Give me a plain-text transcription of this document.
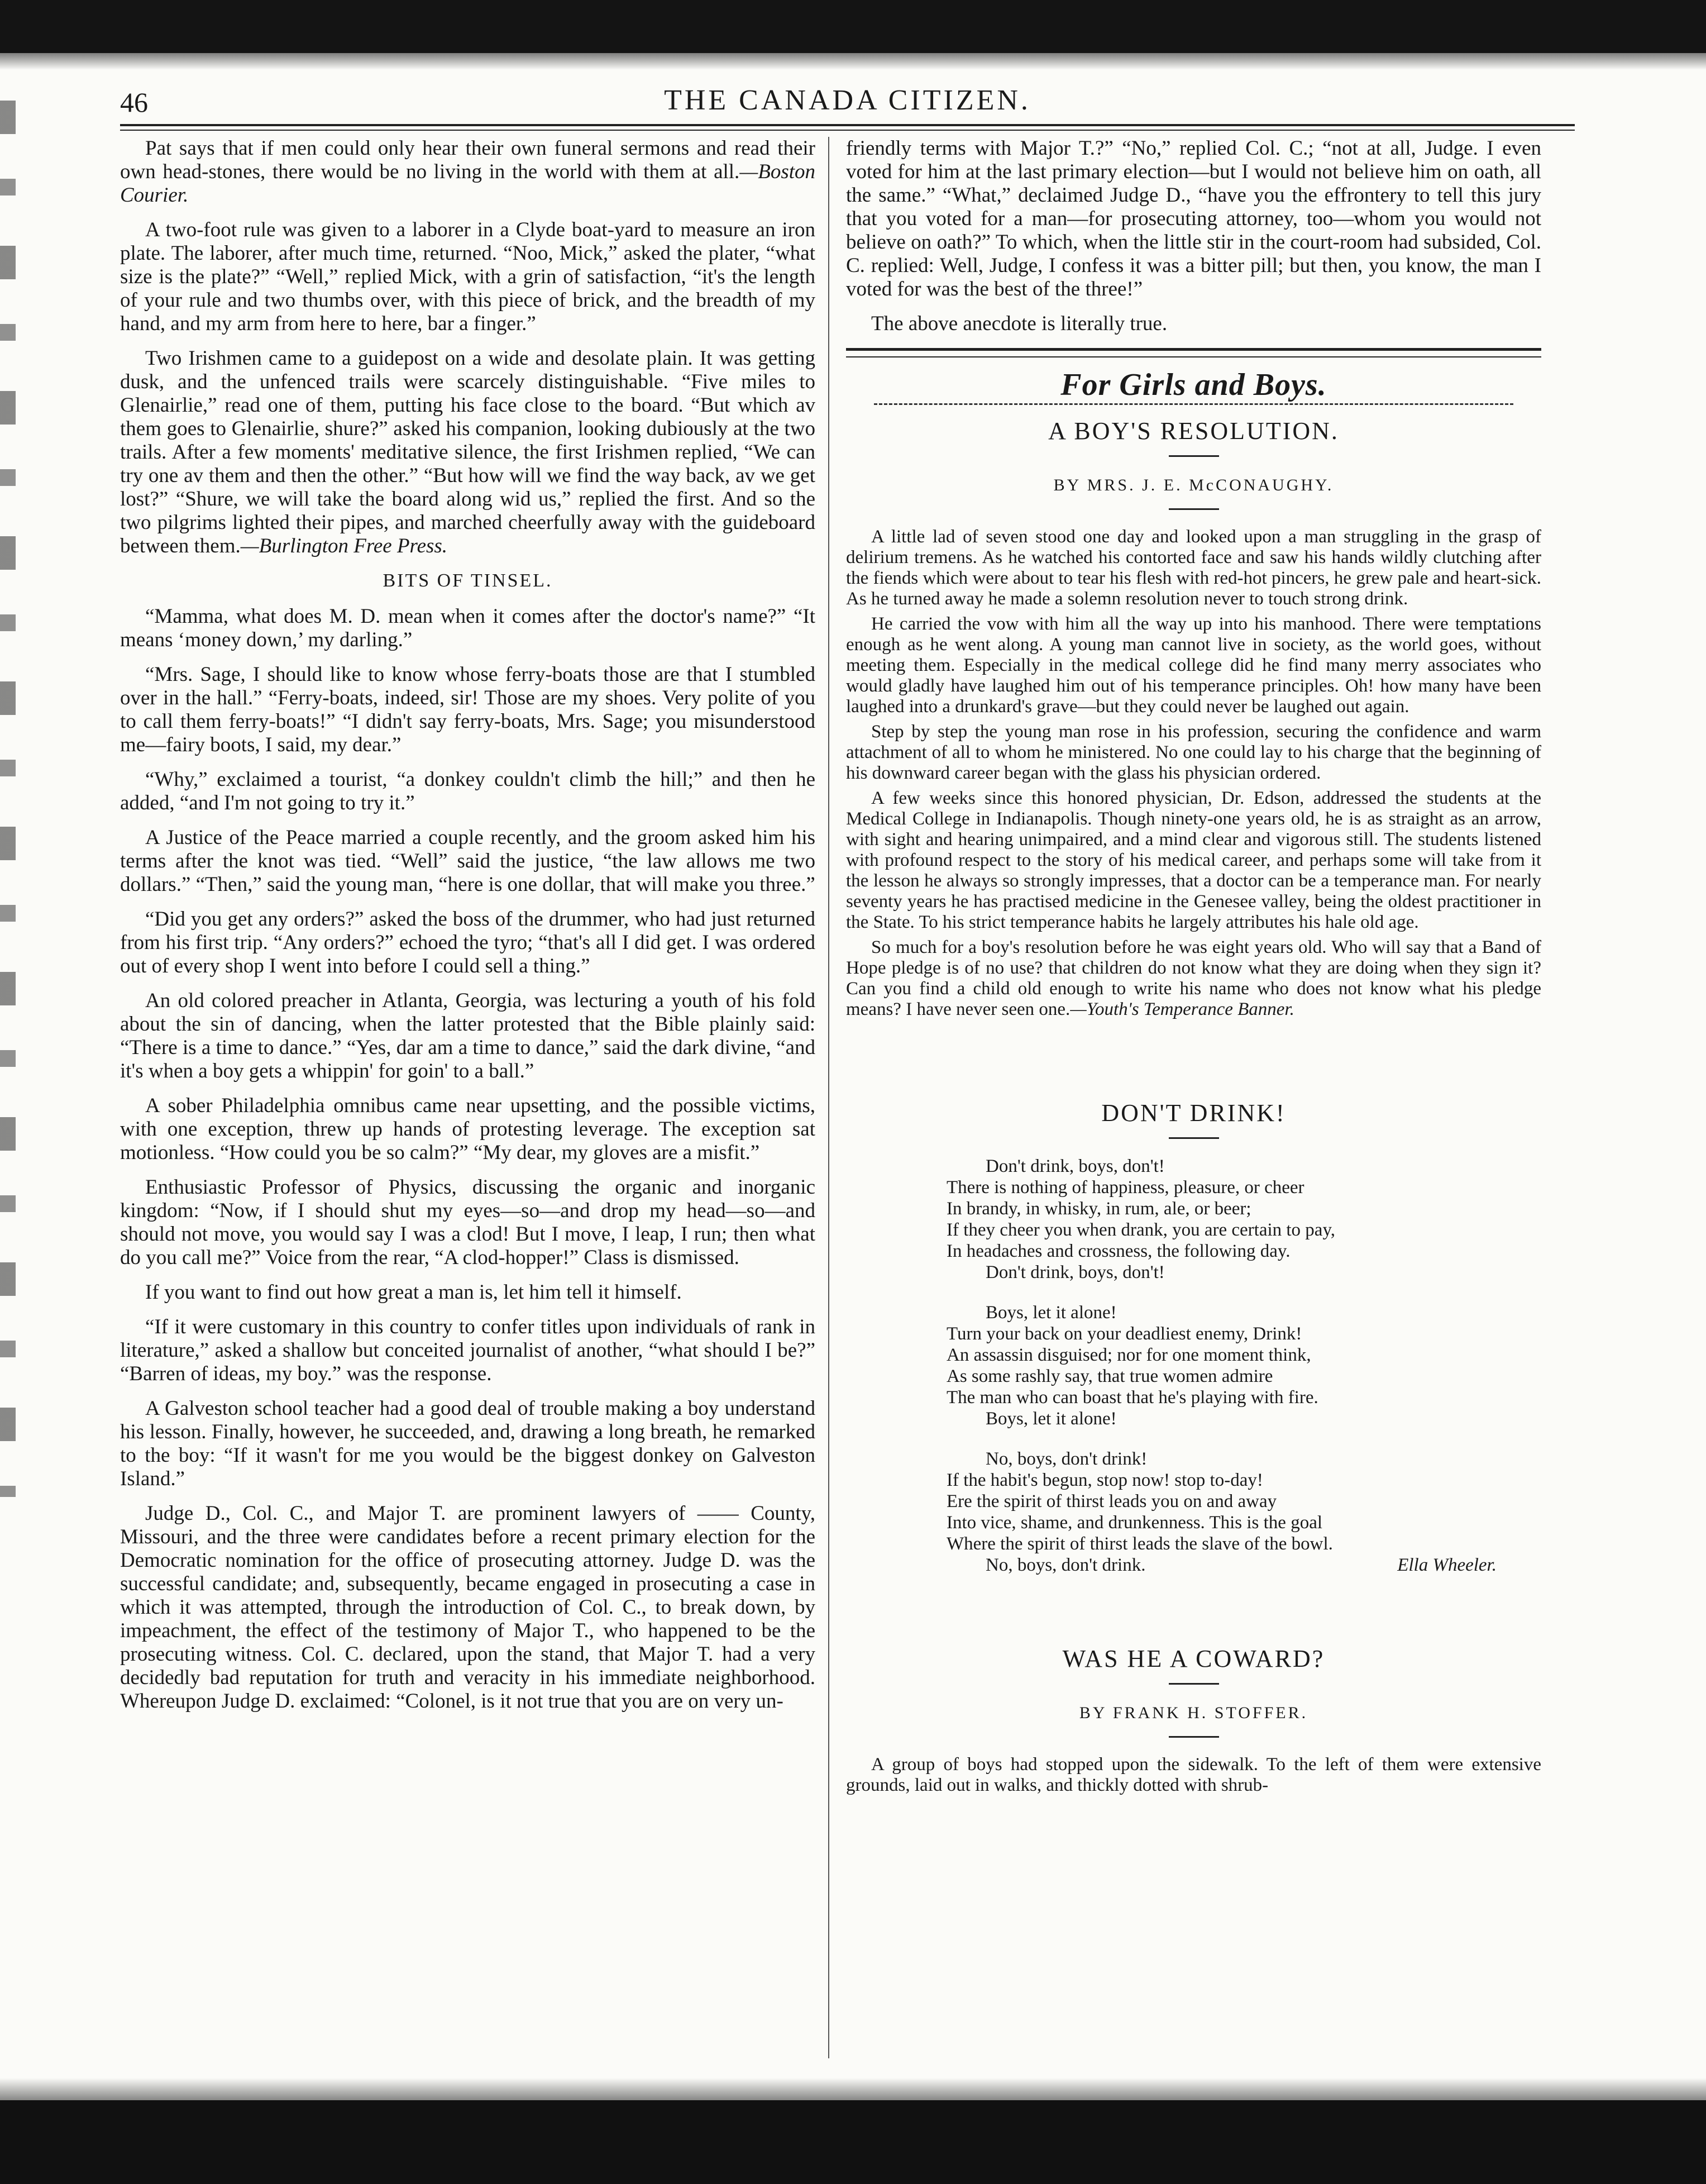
46	THE CANADA CITIZEN.

Pat says that if men could only hear their own funeral sermons and read their own head-stones, there would be no living in the world with them at all.—Boston Courier.

A two-foot rule was given to a laborer in a Clyde boat-yard to measure an iron plate. The laborer, after much time, returned. “Noo, Mick,” asked the plater, “what size is the plate?” “Well,” replied Mick, with a grin of satisfaction, “it's the length of your rule and two thumbs over, with this piece of brick, and the breadth of my hand, and my arm from here to here, bar a finger.”

Two Irishmen came to a guidepost on a wide and desolate plain. It was getting dusk, and the unfenced trails were scarcely distinguishable. “Five miles to Glenairlie,” read one of them, putting his face close to the board. “But which av them goes to Glenairlie, shure?” asked his companion, looking dubiously at the two trails. After a few moments' meditative silence, the first Irishmen replied, “We can try one av them and then the other.” “But how will we find the way back, av we get lost?” “Shure, we will take the board along wid us,” replied the first. And so the two pilgrims lighted their pipes, and marched cheerfully away with the guideboard between them.—Burlington Free Press.

BITS OF TINSEL.

“Mamma, what does M. D. mean when it comes after the doctor's name?” “It means ‘money down,’ my darling.”

“Mrs. Sage, I should like to know whose ferry-boats those are that I stumbled over in the hall.” “Ferry-boats, indeed, sir! Those are my shoes. Very polite of you to call them ferry-boats!” “I didn't say ferry-boats, Mrs. Sage; you misunderstood me—fairy boots, I said, my dear.”

“Why,” exclaimed a tourist, “a donkey couldn't climb the hill;” and then he added, “and I'm not going to try it.”

A Justice of the Peace married a couple recently, and the groom asked him his terms after the knot was tied. “Well” said the justice, “the law allows me two dollars.” “Then,” said the young man, “here is one dollar, that will make you three.”

“Did you get any orders?” asked the boss of the drummer, who had just returned from his first trip. “Any orders?” echoed the tyro; “that's all I did get. I was ordered out of every shop I went into before I could sell a thing.”

An old colored preacher in Atlanta, Georgia, was lecturing a youth of his fold about the sin of dancing, when the latter protested that the Bible plainly said: “There is a time to dance.” “Yes, dar am a time to dance,” said the dark divine, “and it's when a boy gets a whippin' for goin' to a ball.”

A sober Philadelphia omnibus came near upsetting, and the possible victims, with one exception, threw up hands of protesting leverage. The exception sat motionless. “How could you be so calm?” “My dear, my gloves are a misfit.”

Enthusiastic Professor of Physics, discussing the organic and inorganic kingdom: “Now, if I should shut my eyes—so—and drop my head—so—and should not move, you would say I was a clod! But I move, I leap, I run; then what do you call me?” Voice from the rear, “A clod-hopper!” Class is dismissed.

If you want to find out how great a man is, let him tell it himself.

“If it were customary in this country to confer titles upon individuals of rank in literature,” asked a shallow but conceited journalist of another, “what should I be?” “Barren of ideas, my boy.” was the response.

A Galveston school teacher had a good deal of trouble making a boy understand his lesson. Finally, however, he succeeded, and, drawing a long breath, he remarked to the boy: “If it wasn't for me you would be the biggest donkey on Galveston Island.”

Judge D., Col. C., and Major T. are prominent lawyers of —— County, Missouri, and the three were candidates before a recent primary election for the Democratic nomination for the office of prosecuting attorney. Judge D. was the successful candidate; and, subsequently, became engaged in prosecuting a case in which it was attempted, through the introduction of Col. C., to break down, by impeachment, the effect of the testimony of Major T., who happened to be the prosecuting witness. Col. C. declared, upon the stand, that Major T. had a very decidedly bad reputation for truth and veracity in his immediate neighborhood. Whereupon Judge D. exclaimed: “Colonel, is it not true that you are on very un-

friendly terms with Major T.?” “No,” replied Col. C.; “not at all, Judge. I even voted for him at the last primary election—but I would not believe him on oath, all the same.” “What,” declaimed Judge D., “have you the effrontery to tell this jury that you voted for a man—for prosecuting attorney, too—whom you would not believe on oath?” To which, when the little stir in the court-room had subsided, Col. C. replied: Well, Judge, I confess it was a bitter pill; but then, you know, the man I voted for was the best of the three!”

The above anecdote is literally true.

For Girls and Boys.
A BOY'S RESOLUTION.
BY MRS. J. E. McCONAUGHY.

A little lad of seven stood one day and looked upon a man struggling in the grasp of delirium tremens. As he watched his contorted face and saw his hands wildly clutching after the fiends which were about to tear his flesh with red-hot pincers, he grew pale and heart-sick. As he turned away he made a solemn resolution never to touch strong drink.

He carried the vow with him all the way up into his manhood. There were temptations enough as he went along. A young man cannot live in society, as the world goes, without meeting them. Especially in the medical college did he find many merry associates who would gladly have laughed him out of his temperance principles. Oh! how many have been laughed into a drunkard's grave—but they could never be laughed out again.

Step by step the young man rose in his profession, securing the confidence and warm attachment of all to whom he ministered. No one could lay to his charge that the beginning of his downward career began with the glass his physician ordered.

A few weeks since this honored physician, Dr. Edson, addressed the students at the Medical College in Indianapolis. Though ninety-one years old, he is as straight as an arrow, with sight and hearing unimpaired, and a mind clear and vigorous still. The students listened with profound respect to the story of his medical career, and perhaps some will take from it the lesson he always so strongly impresses, that a doctor can be a temperance man. For nearly seventy years he has practised medicine in the Genesee valley, being the oldest practitioner in the State. To his strict temperance habits he largely attributes his hale old age.

So much for a boy's resolution before he was eight years old. Who will say that a Band of Hope pledge is of no use? that children do not know what they are doing when they sign it? Can you find a child old enough to write his name who does not know what his pledge means? I have never seen one.—Youth's Temperance Banner.

DON'T DRINK!
Don't drink, boys, don't!
There is nothing of happiness, pleasure, or cheer
In brandy, in whisky, in rum, ale, or beer;
If they cheer you when drank, you are certain to pay,
In headaches and crossness, the following day.
Don't drink, boys, don't!
Boys, let it alone!
Turn your back on your deadliest enemy, Drink!
An assassin disguised; nor for one moment think,
As some rashly say, that true women admire
The man who can boast that he's playing with fire.
Boys, let it alone!
No, boys, don't drink!
If the habit's begun, stop now! stop to-day!
Ere the spirit of thirst leads you on and away
Into vice, shame, and drunkenness. This is the goal
Where the spirit of thirst leads the slave of the bowl.
No, boys, don't drink.	Ella Wheeler.
WAS HE A COWARD?
BY FRANK H. STOFFER.

A group of boys had stopped upon the sidewalk. To the left of them were extensive grounds, laid out in walks, and thickly dotted with shrub-
